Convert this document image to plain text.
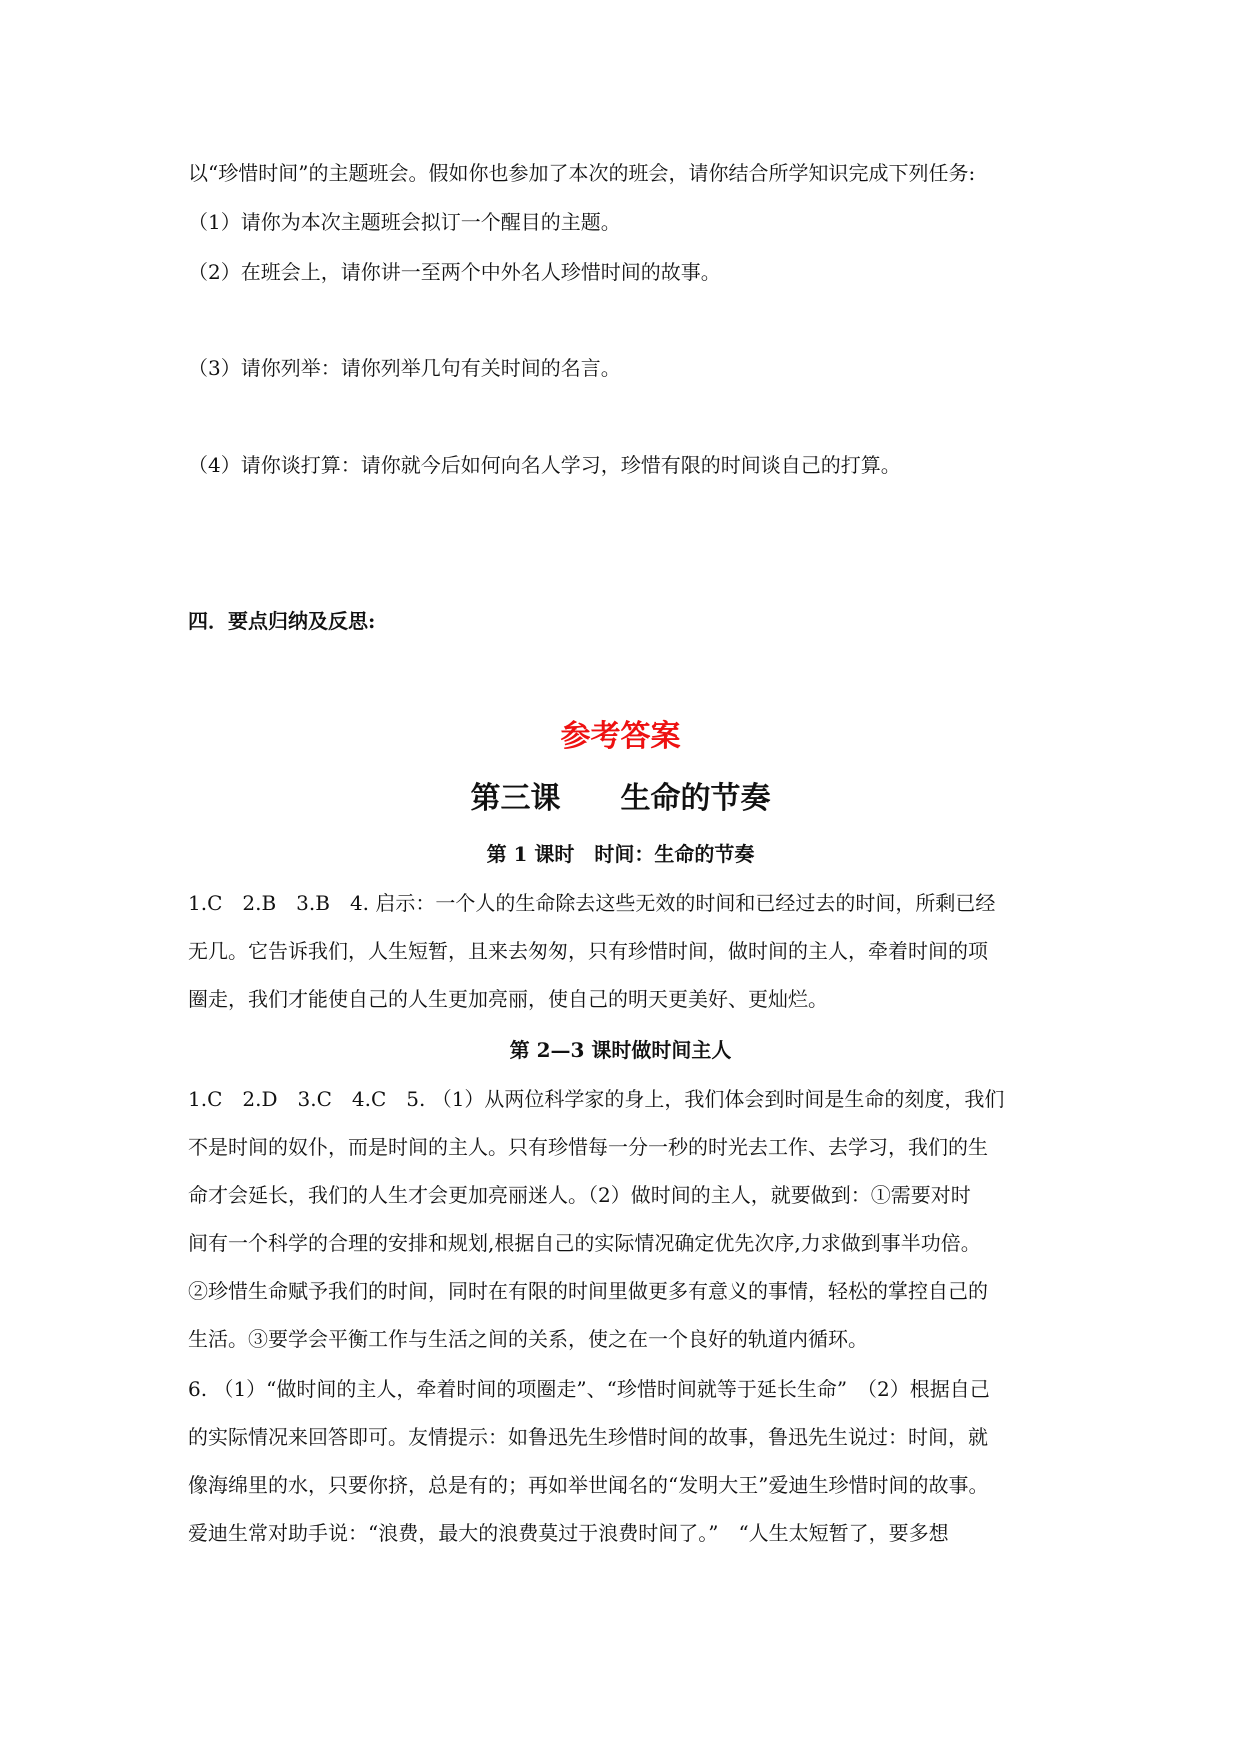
以“珍惜时间”的主题班会。假如你也参加了本次的班会，请你结合所学知识完成下列任务:
（1）请你为本次主题班会拟订一个醒目的主题。
（2）在班会上，请你讲一至两个中外名人珍惜时间的故事。
（3）请你列举：请你列举几句有关时间的名言。
（4）请你谈打算：请你就今后如何向名人学习，珍惜有限的时间谈自己的打算。
四．要点归纳及反思:
参考答案
第三课　　生命的节奏
第 1 课时　时间：生命的节奏
1.C　2.B　3.B　4. 启示：一个人的生命除去这些无效的时间和已经过去的时间，所剩已经
无几。它告诉我们，人生短暂，且来去匆匆，只有珍惜时间，做时间的主人，牵着时间的项
圈走，我们才能使自己的人生更加亮丽，使自己的明天更美好、更灿烂。
第 2—3 课时做时间主人
1.C　2.D　3.C　4.C　5. （1）从两位科学家的身上，我们体会到时间是生命的刻度，我们
不是时间的奴仆，而是时间的主人。只有珍惜每一分一秒的时光去工作、去学习，我们的生
命才会延长，我们的人生才会更加亮丽迷人。（2）做时间的主人，就要做到：①需要对时
间有一个科学的合理的安排和规划,根据自己的实际情况确定优先次序,力求做到事半功倍。
②珍惜生命赋予我们的时间，同时在有限的时间里做更多有意义的事情，轻松的掌控自己的
生活。③要学会平衡工作与生活之间的关系，使之在一个良好的轨道内循环。
6. （1）“做时间的主人，牵着时间的项圈走”、“珍惜时间就等于延长生命”　（2）根据自己
的实际情况来回答即可。友情提示：如鲁迅先生珍惜时间的故事，鲁迅先生说过：时间，就
像海绵里的水，只要你挤，总是有的；再如举世闻名的“发明大王”爱迪生珍惜时间的故事。
爱迪生常对助手说：“浪费，最大的浪费莫过于浪费时间了。”　“人生太短暂了，要多想
